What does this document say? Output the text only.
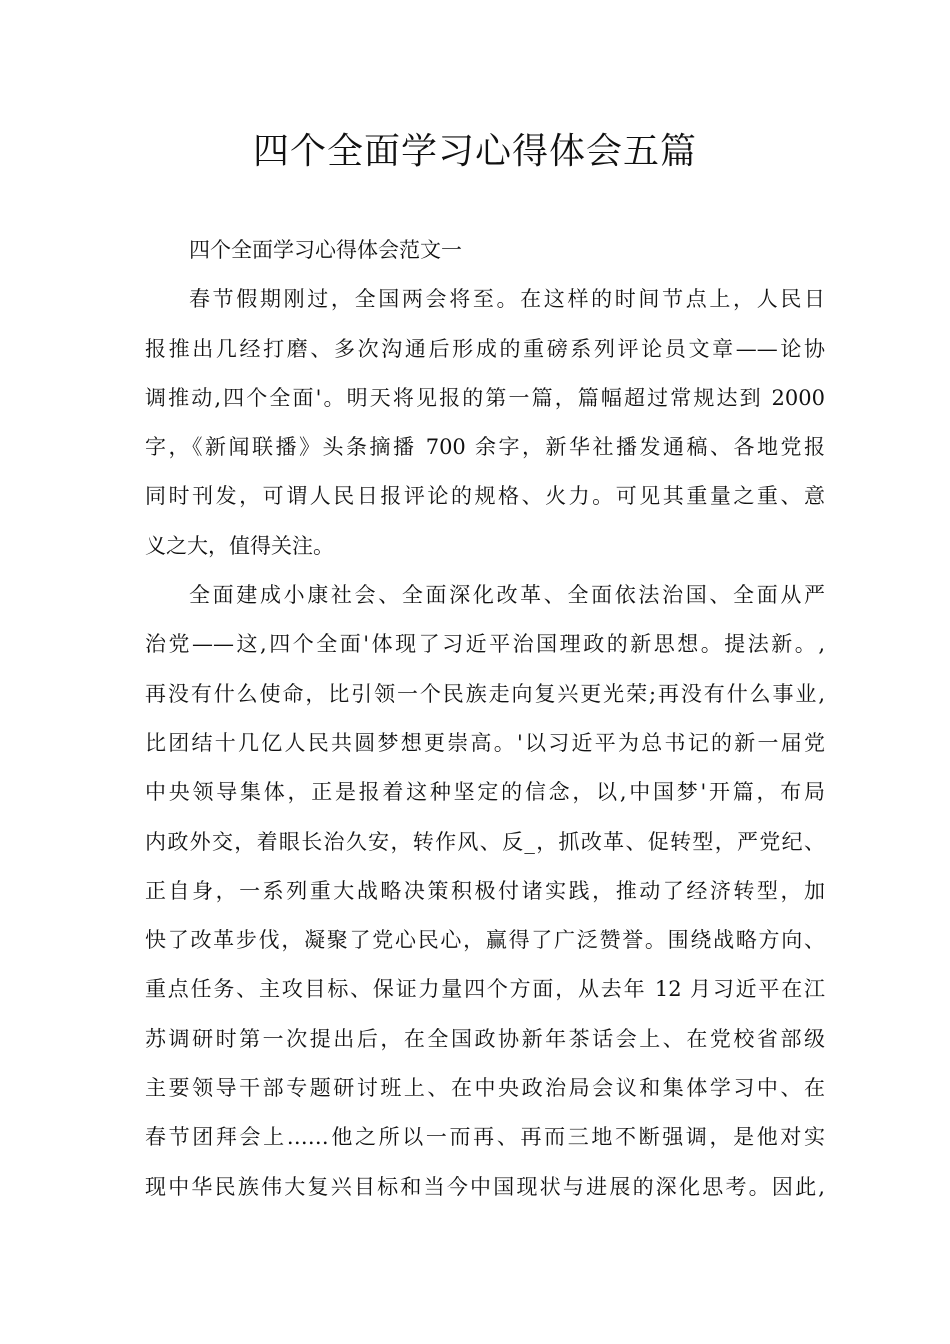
四个全面学习心得体会五篇
四个全面学习心得体会范文一
春节假期刚过，全国两会将至。在这样的时间节点上，人民日
报推出几经打磨、多次沟通后形成的重磅系列评论员文章——论协
调推动,四个全面'。明天将见报的第一篇，篇幅超过常规达到 2000
字，《新闻联播》头条摘播 700 余字，新华社播发通稿、各地党报
同时刊发，可谓人民日报评论的规格、火力。可见其重量之重、意
义之大，值得关注。
全面建成小康社会、全面深化改革、全面依法治国、全面从严
治党——这,四个全面'体现了习近平治国理政的新思想。提法新。,
再没有什么使命，比引领一个民族走向复兴更光荣;再没有什么事业,
比团结十几亿人民共圆梦想更崇高。'以习近平为总书记的新一届党
中央领导集体，正是报着这种坚定的信念，以,中国梦'开篇，布局
内政外交，着眼长治久安，转作风、反_，抓改革、促转型，严党纪、
正自身，一系列重大战略决策积极付诸实践，推动了经济转型，加
快了改革步伐，凝聚了党心民心，赢得了广泛赞誉。围绕战略方向、
重点任务、主攻目标、保证力量四个方面，从去年 12 月习近平在江
苏调研时第一次提出后，在全国政协新年茶话会上、在党校省部级
主要领导干部专题研讨班上、在中央政治局会议和集体学习中、在
春节团拜会上……他之所以一而再、再而三地不断强调，是他对实
现中华民族伟大复兴目标和当今中国现状与进展的深化思考。因此,
